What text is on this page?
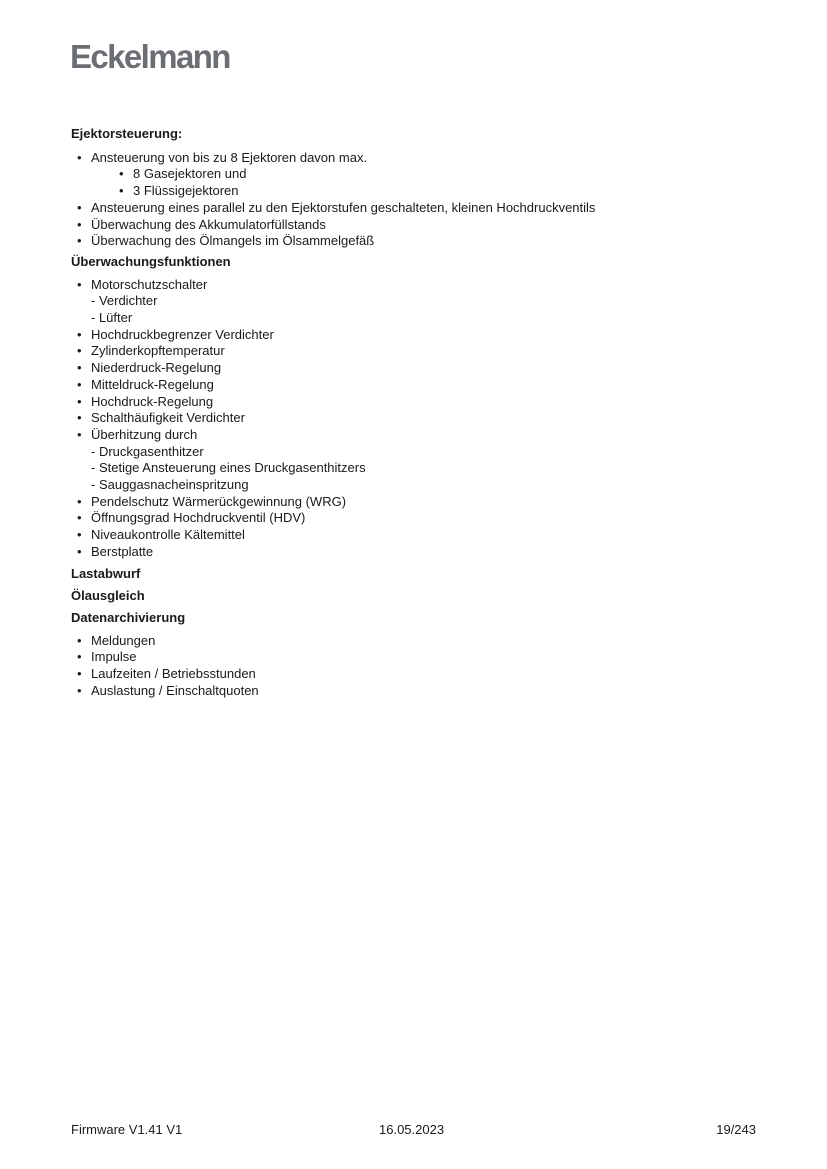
Eckelmann

Ejektorsteuerung:

• Ansteuerung von bis zu 8 Ejektoren davon max.
• 8 Gasejektoren und
• 3 Flüssigejektoren
• Ansteuerung eines parallel zu den Ejektorstufen geschalteten, kleinen Hochdruckventils
• Überwachung des Akkumulatorfüllstands
• Überwachung des Ölmangels im Ölsammelgefäß

Überwachungsfunktionen

• Motorschutzschalter
- Verdichter
- Lüfter
• Hochdruckbegrenzer Verdichter
• Zylinderkopftemperatur
• Niederdruck-Regelung
• Mitteldruck-Regelung
• Hochdruck-Regelung
• Schalthäufigkeit Verdichter
• Überhitzung durch
- Druckgasenthitzer
- Stetige Ansteuerung eines Druckgasenthitzers
- Sauggasnacheinspritzung
• Pendelschutz Wärmerückgewinnung (WRG)
• Öffnungsgrad Hochdruckventil (HDV)
• Niveaukontrolle Kältemittel
• Berstplatte

Lastabwurf

Ölausgleich

Datenarchivierung

• Meldungen
• Impulse
• Laufzeiten / Betriebsstunden
• Auslastung / Einschaltquoten
Firmware V1.41 V1	16.05.2023	19/243
